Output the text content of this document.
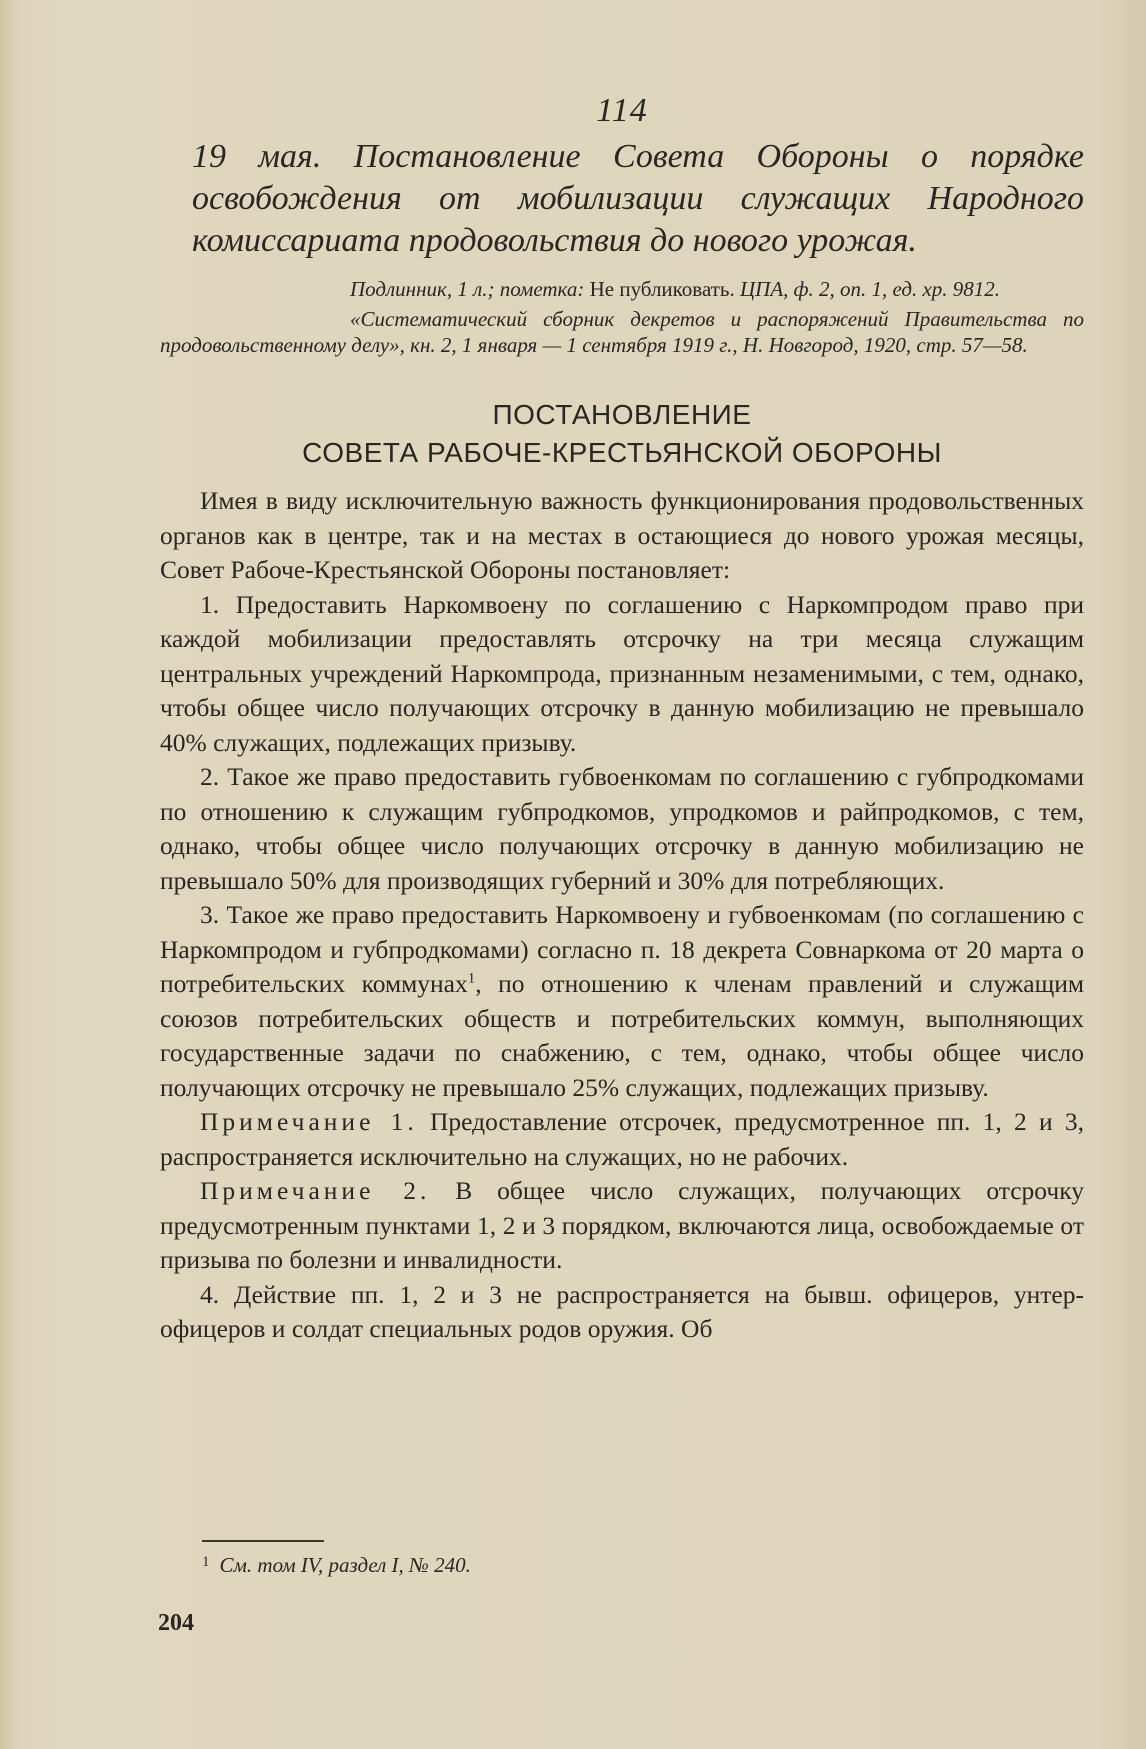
114

19 мая. Постановление Совета Обороны о порядке освобождения от мобилизации служащих Народного комиссариата продовольствия до нового урожая.

Подлинник, 1 л.; пометка: Не публиковать. ЦПА, ф. 2, оп. 1, ед. хр. 9812.

«Систематический сборник декретов и распоряжений Правительства по продовольственному делу», кн. 2, 1 января — 1 сентября 1919 г., Н. Новгород, 1920, стр. 57—58.

ПОСТАНОВЛЕНИЕ
СОВЕТА РАБОЧЕ-КРЕСТЬЯНСКОЙ ОБОРОНЫ

Имея в виду исключительную важность функционирования продовольственных органов как в центре, так и на местах в остающиеся до нового урожая месяцы, Совет Рабоче-Крестьянской Обороны постановляет:

1. Предоставить Наркомвоену по соглашению с Наркомпродом право при каждой мобилизации предоставлять отсрочку на три месяца служащим центральных учреждений Наркомпрода, признанным незаменимыми, с тем, однако, чтобы общее число получающих отсрочку в данную мобилизацию не превышало 40% служащих, подлежащих призыву.

2. Такое же право предоставить губвоенкомам по соглашению с губпродкомами по отношению к служащим губпродкомов, упродкомов и райпродкомов, с тем, однако, чтобы общее число получающих отсрочку в данную мобилизацию не превышало 50% для производящих губерний и 30% для потребляющих.

3. Такое же право предоставить Наркомвоену и губвоенкомам (по соглашению с Наркомпродом и губпродкомами) согласно п. 18 декрета Совнаркома от 20 марта о потребительских коммунах$^1$, по отношению к членам правлений и служащим союзов потребительских обществ и потребительских коммун, выполняющих государственные задачи по снабжению, с тем, однако, чтобы общее число получающих отсрочку не превышало 25% служащих, подлежащих призыву.

Примечание 1. Предоставление отсрочек, предусмотренное пп. 1, 2 и 3, распространяется исключительно на служащих, но не рабочих.

Примечание 2. В общее число служащих, получающих отсрочку предусмотренным пунктами 1, 2 и 3 порядком, включаются лица, освобождаемые от призыва по болезни и инвалидности.

4. Действие пп. 1, 2 и 3 не распространяется на бывш. офицеров, унтер-офицеров и солдат специальных родов оружия. Об

$^1$ См. том IV, раздел I, № 240.
204
